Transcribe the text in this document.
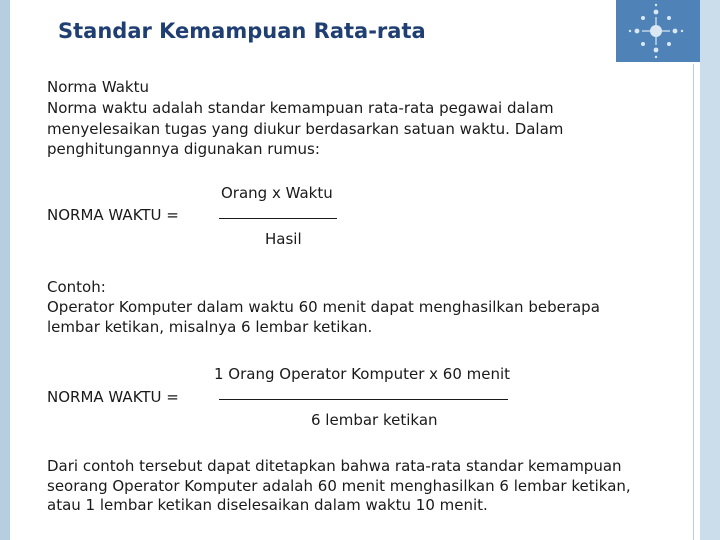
Standar Kemampuan Rata-rata

Norma Waktu

Norma waktu adalah standar kemampuan rata-rata pegawai dalam

menyelesaikan tugas yang diukur berdasarkan satuan waktu. Dalam

penghitungannya digunakan rumus:

Orang x Waktu

NORMA WAKTU =

Hasil

Contoh:

Operator Komputer dalam waktu 60 menit dapat menghasilkan beberapa

lembar ketikan, misalnya 6 lembar ketikan.

1 Orang Operator Komputer x 60 menit

NORMA WAKTU =

6 lembar ketikan

Dari contoh tersebut dapat ditetapkan bahwa rata-rata standar kemampuan

seorang Operator Komputer adalah 60 menit menghasilkan 6 lembar ketikan,

atau 1 lembar ketikan diselesaikan dalam waktu 10 menit.
